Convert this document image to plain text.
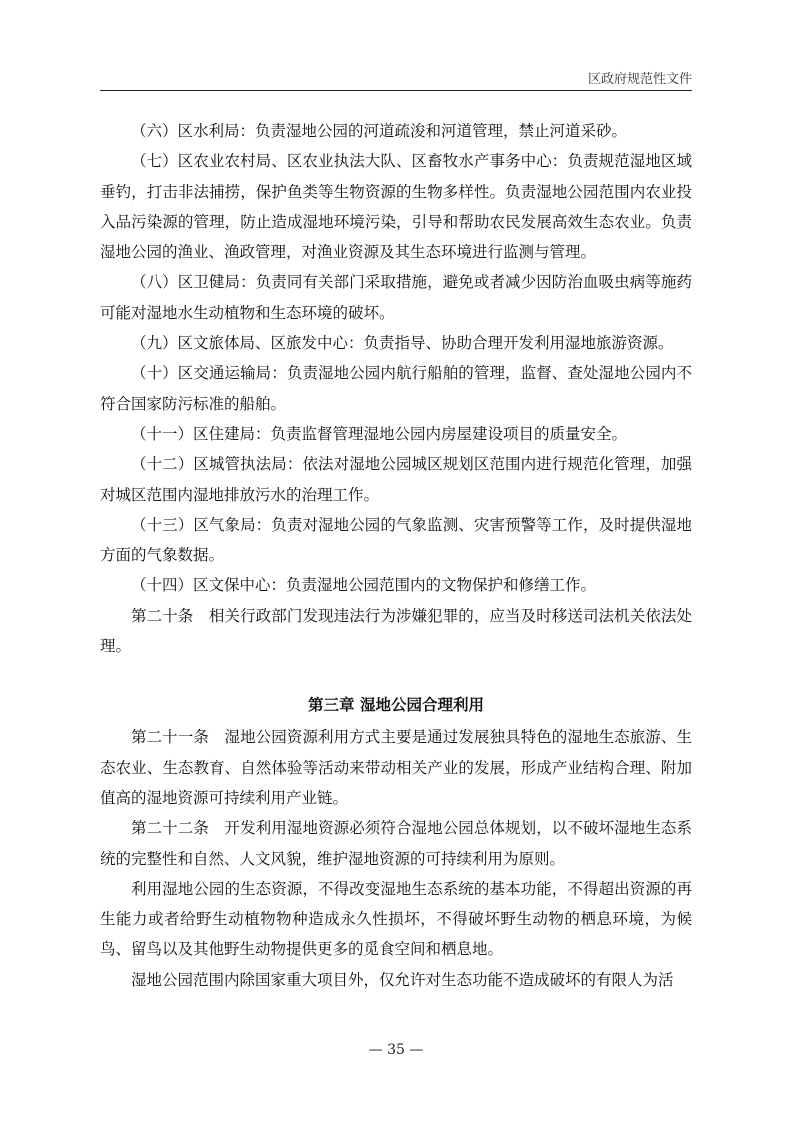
区政府规范性文件

（六）区水利局：负责湿地公园的河道疏浚和河道管理，禁止河道采砂。

（七）区农业农村局、区农业执法大队、区畜牧水产事务中心：负责规范湿地区域垂钓，打击非法捕捞，保护鱼类等生物资源的生物多样性。负责湿地公园范围内农业投入品污染源的管理，防止造成湿地环境污染，引导和帮助农民发展高效生态农业。负责湿地公园的渔业、渔政管理，对渔业资源及其生态环境进行监测与管理。

（八）区卫健局：负责同有关部门采取措施，避免或者减少因防治血吸虫病等施药可能对湿地水生动植物和生态环境的破坏。

（九）区文旅体局、区旅发中心：负责指导、协助合理开发利用湿地旅游资源。

（十）区交通运输局：负责湿地公园内航行船舶的管理，监督、查处湿地公园内不符合国家防污标准的船舶。

（十一）区住建局：负责监督管理湿地公园内房屋建设项目的质量安全。

（十二）区城管执法局：依法对湿地公园城区规划区范围内进行规范化管理，加强对城区范围内湿地排放污水的治理工作。

（十三）区气象局：负责对湿地公园的气象监测、灾害预警等工作，及时提供湿地方面的气象数据。

（十四）区文保中心：负责湿地公园范围内的文物保护和修缮工作。

第二十条　相关行政部门发现违法行为涉嫌犯罪的，应当及时移送司法机关依法处理。

第三章 湿地公园合理利用

第二十一条　湿地公园资源利用方式主要是通过发展独具特色的湿地生态旅游、生态农业、生态教育、自然体验等活动来带动相关产业的发展，形成产业结构合理、附加值高的湿地资源可持续利用产业链。

第二十二条　开发利用湿地资源必须符合湿地公园总体规划，以不破坏湿地生态系统的完整性和自然、人文风貌，维护湿地资源的可持续利用为原则。

利用湿地公园的生态资源，不得改变湿地生态系统的基本功能，不得超出资源的再生能力或者给野生动植物物种造成永久性损坏，不得破坏野生动物的栖息环境，为候鸟、留鸟以及其他野生动物提供更多的觅食空间和栖息地。

湿地公园范围内除国家重大项目外，仅允许对生态功能不造成破坏的有限人为活

— 35 —
